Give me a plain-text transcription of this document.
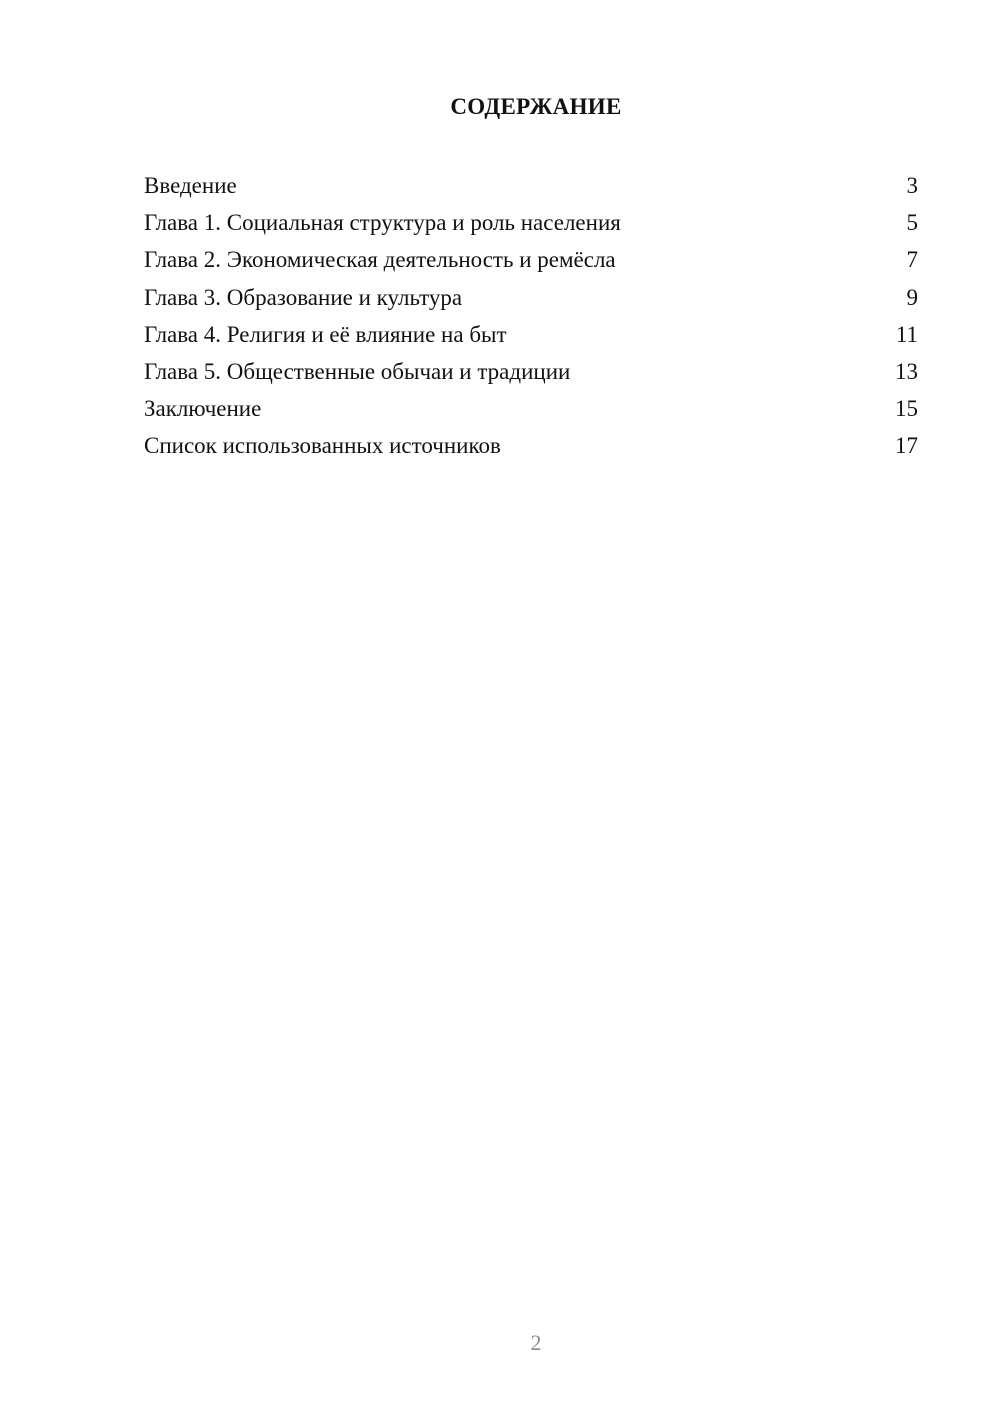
СОДЕРЖАНИЕ
Введение	3
Глава 1. Социальная структура и роль населения	5
Глава 2. Экономическая деятельность и ремёсла	7
Глава 3. Образование и культура	9
Глава 4. Религия и её влияние на быт	11
Глава 5. Общественные обычаи и традиции	13
Заключение	15
Список использованных источников	17
2
